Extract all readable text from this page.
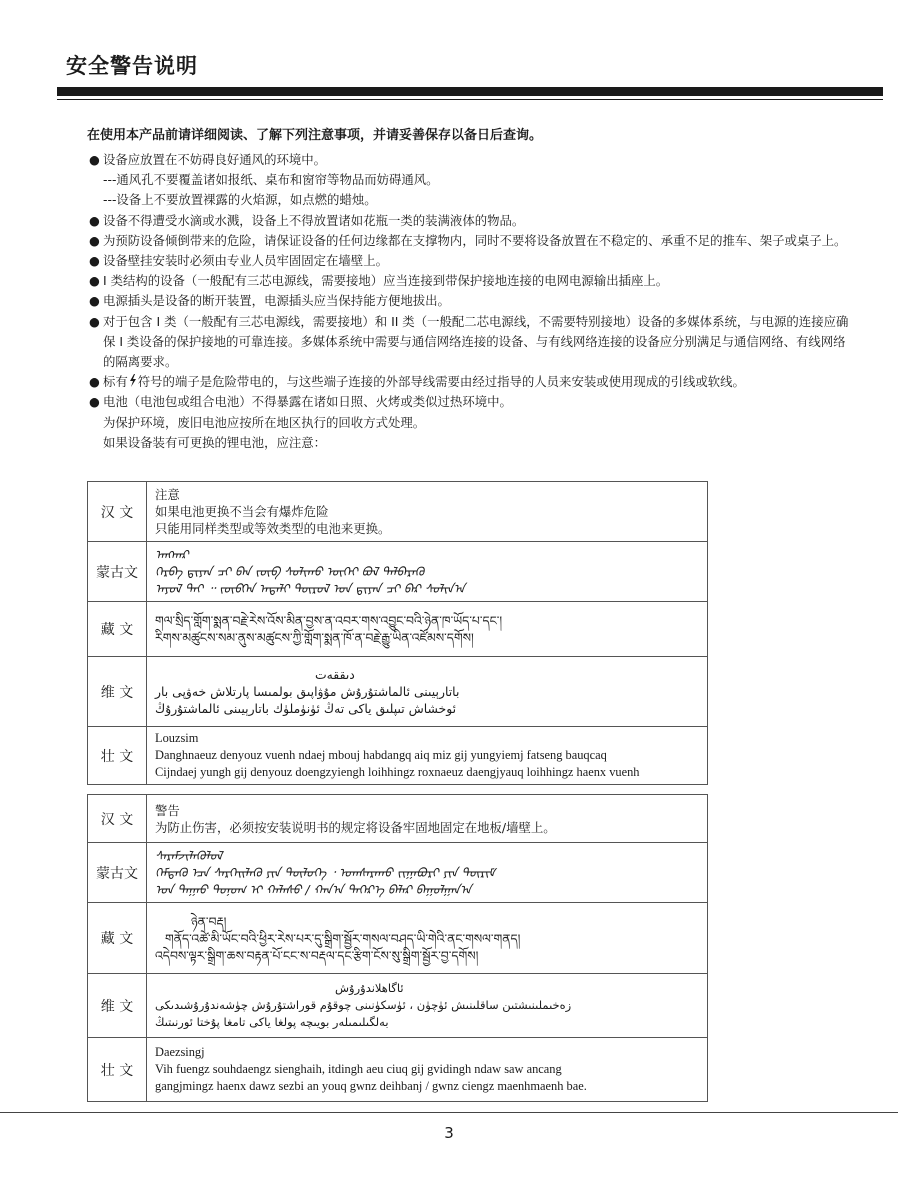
安全警告说明
在使用本产品前请详细阅读、了解下列注意事项，并请妥善保存以备日后查询。
● 设备应放置在不妨碍良好通风的环境中。
---通风孔不要覆盖诸如报纸、桌布和窗帘等物品而妨碍通风。
---设备上不要放置裸露的火焰源，如点燃的蜡烛。
● 设备不得遭受水滴或水溅，设备上不得放置诸如花瓶一类的装满液体的物品。
● 为预防设备倾倒带来的危险，请保证设备的任何边缘都在支撑物内，同时不要将设备放置在不稳定的、承重不足的推车、架子或桌子上。
● 设备壁挂安装时必须由专业人员牢固固定在墙壁上。
● I 类结构的设备（一般配有三芯电源线，需要接地）应当连接到带保护接地连接的电网电源输出插座上。
● 电源插头是设备的断开装置，电源插头应当保持能方便地拔出。
● 对于包含 I 类（一般配有三芯电源线，需要接地）和 II 类（一般配二芯电源线，不需要特别接地）设备的多媒体系统，与电源的连接应确保 I 类设备的保护接地的可靠连接。多媒体系统中需要与通信网络连接的设备、与有线网络连接的设备应分别满足与通信网络、有线网络的隔离要求。
● 标有 符号的端子是危险带电的，与这些端子连接的外部导线需要由经过指导的人员来安装或使用现成的引线或软线。
● 电池（电池包或组合电池）不得暴露在诸如日照、火烤或类似过热环境中。
为保护环境，废旧电池应按所在地区执行的回收方式处理。
如果设备装有可更换的锂电池，应注意：
汉 文	注意
如果电池更换不当会有爆炸危险
只能用同样类型或等效类型的电池来更换。

蒙古文	ᠠᠩᠬᠠᠷ
ᠬᠡᠷᠪᠡ ᠳ᠋ᠢᠶᠠᠨ ᠴᠢ ᠪᠡᠨ ᠵᠦᠪ ᠰᠣᠯᠢᠬᠤ ᠦᠭᠡᠢ ᠪᠣᠯ ᠳᠡᠯᠪᠡᠷᠡᠬᠦ
ᠠᠶᠤᠯ ᠲᠠᠢ ᠃ ᠵᠥᠪᠬᠡᠨ ᠠᠳᠠᠯᠢ ᠲᠥᠷᠥᠯ ᠤᠨ ᠳ᠋ᠢᠶᠠᠨ ᠴᠢ ᠪᠡᠷ ᠰᠣᠯᠢᠨ᠎ᠠ

藏 文	གལ་སྲིད་གློག་སྨན་བརྗེ་རེས་འོས་མིན་བྱས་ན་འབར་གས་འབྱུང་བའི་ཉེན་ཁ་ཡོད་པ་དང་།
རིགས་མཚུངས་སམ་ནུས་མཚུངས་ཀྱི་གློག་སྨན་ཁོ་ན་བརྗེ་རྒྱུ་ཡིན་འཛོམས་དགོས།

维 文	دىققەت
باتارېيىنى ئالماشتۇرۇش مۇۋاپىق بولمىسا پارتلاش خەۋپى بار
ئوخشاش تىپلىق ياكى تەڭ ئۈنۈملۈك باتارېيىنى ئالماشتۇرۇڭ

壮 文	Louzsim
Danghnaeuz denyouz vuenh ndaej mbouj habdangq aiq miz gij yungyiemj fatseng bauqcaq
Cijndaej yungh gij denyouz doengzyiengh loihhingz roxnaeuz daengjyauq loihhingz haenx vuenh
汉 文	警告
为防止伤害，必须按安装说明书的规定将设备牢固地固定在地板/墙壁上。

蒙古文	ᠰᠡᠷᠡᠮᠵᠢᠯᠡᠬᠦᠯᠦᠯ
ᠭᠡᠮᠲᠡᠬᠦ ᠡᠴᠡ ᠰᠡᠷᠭᠡᠢᠯᠡᠬᠦ ᠶᠢᠨ ᠲᠥᠯᠥᠭᠡ ᠂ ᠤᠭᠰᠠᠷᠠᠬᠤ ᠵᠢᠭᠠᠪᠤᠷᠢ ᠶᠢᠨ ᠳᠦᠷᠢᠮ
ᠤᠨ ᠳᠠᠭᠠᠤ ᠲᠣᠨᠣᠭ ᠢ ᠬᠠᠯᠠᠰᠤ / ᠬᠠᠨ᠎ᠠ ᠳᠡᠭᠡᠷ᠎ᠡ ᠪᠠᠯᠠᠷ ᠪᠠᠭᠤᠯᠭᠠᠨ᠎ᠠ

藏 文	ཉེན་བརྡ།
གནོད་འཚེ་མི་ཡོང་བའི་ཕྱིར་རེས་པར་དུ་སྒྲིག་སྦྱོར་གསལ་བཤད་ཡི་གེའི་ནང་གསལ་གནད།
འདེབས་ལྟར་སྒྲིག་ཆས་བརྟན་པོ་ངང་ས་བརྡལ་དང་རྩིག་ངོས་སུ་སྒྲིག་སྦྱོར་བྱ་དགོས།

维 文	ئاگاھلاندۇرۇش
زەخىملىنىشتىن ساقلىنىش ئۈچۈن ، ئۈسكۈنىنى چوقۇم قوراشتۇرۇش چۈشەندۇرۇشىدىكى
بەلگىلىمىلەر بويىچە پولغا ياكى تامغا پۇختا ئورنىتىڭ

壮 文	Daezsingj
Vih fuengz souhdaengz sienghaih, itdingh aeu ciuq gij gvidingh ndaw saw ancang
gangjmingz haenx dawz sezbi an youq gwnz deihbanj / gwnz ciengz maenhmaenh bae.
3
